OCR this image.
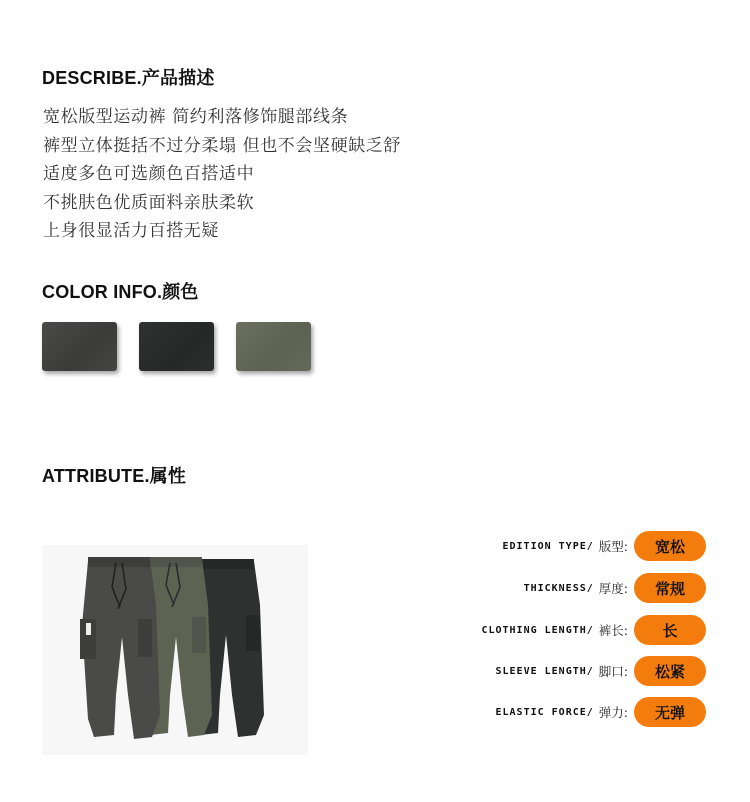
DESCRIBE.产品描述
宽松版型运动裤 简约利落修饰腿部线条
裤型立体挺括不过分柔塌 但也不会坚硬缺乏舒
适度多色可选颜色百搭适中
不挑肤色优质面料亲肤柔软
上身很显活力百搭无疑
COLOR INFO.颜色
ATTRIBUTE.属性
EDITION TYPE/ 版型:	宽松
THICKNESS/ 厚度:	常规
CLOTHING LENGTH/ 裤长:	长
SLEEVE LENGTH/ 脚口:	松紧
ELASTIC FORCE/ 弹力:	无弹
